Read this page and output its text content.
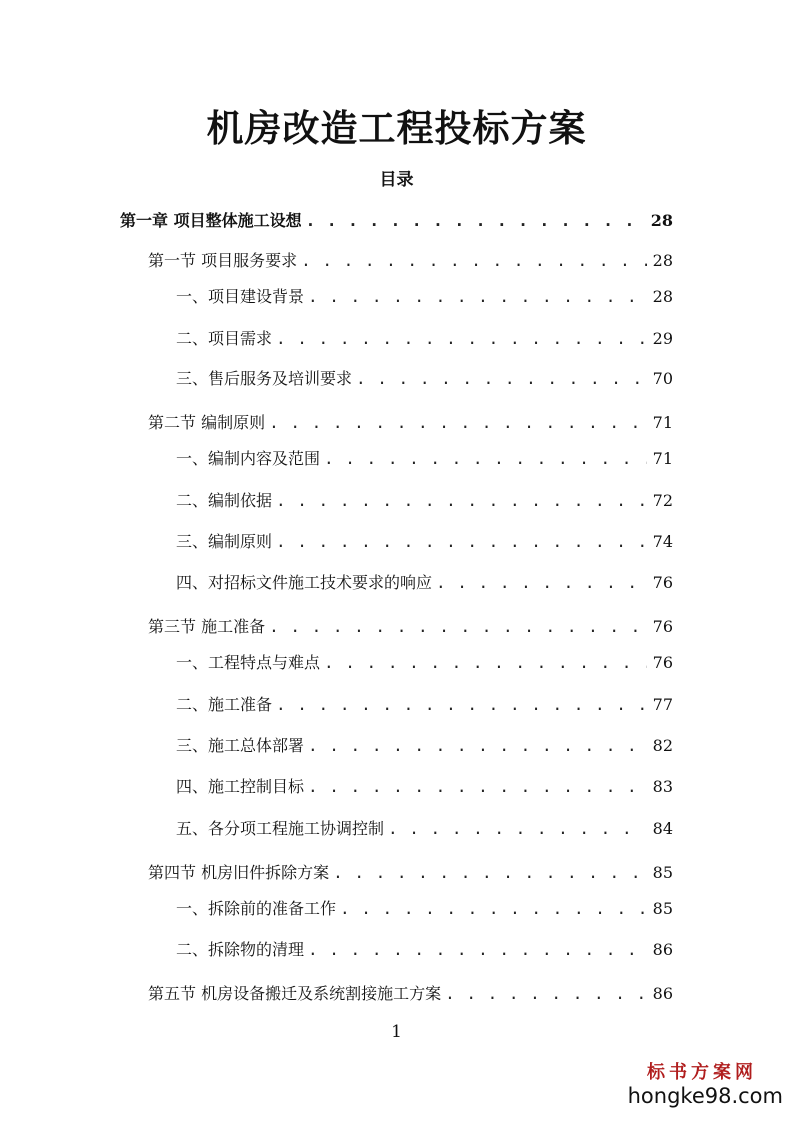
机房改造工程投标方案
目录
第一章 项目整体施工设想 . . .	28
第一节 项目服务要求 . . .	28
一、项目建设背景 . . .	28
二、项目需求 . . .	29
三、售后服务及培训要求 . . .	70
第二节 编制原则 . . .	71
一、编制内容及范围 . . .	71
二、编制依据 . . .	72
三、编制原则 . . .	74
四、对招标文件施工技术要求的响应 . . .	76
第三节 施工准备 . . .	76
一、工程特点与难点 . . .	76
二、施工准备 . . .	77
三、施工总体部署 . . .	82
四、施工控制目标 . . .	83
五、各分项工程施工协调控制 . . .	84
第四节 机房旧件拆除方案 . . .	85
一、拆除前的准备工作 . . .	85
二、拆除物的清理 . . .	86
第五节 机房设备搬迁及系统割接施工方案 . . .	86
1
标书方案网
hongke98.com
